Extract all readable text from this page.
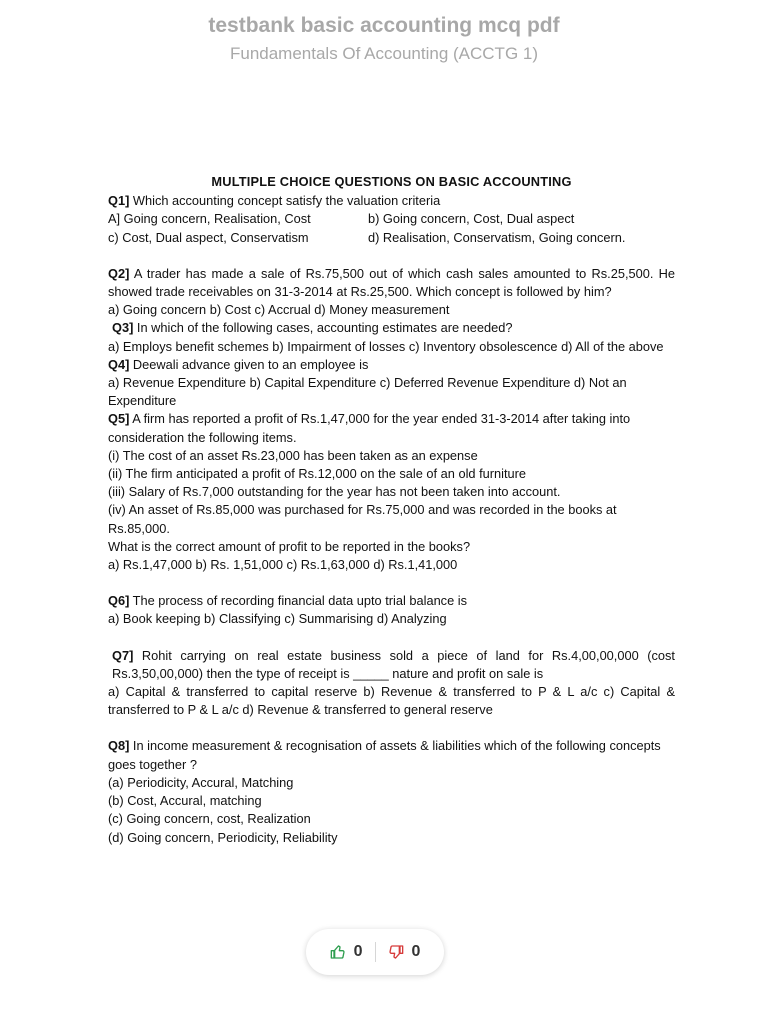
testbank basic accounting mcq pdf
Fundamentals Of Accounting (ACCTG 1)
MULTIPLE CHOICE QUESTIONS ON BASIC ACCOUNTING
Q1] Which accounting concept satisfy the valuation criteria
A] Going concern, Realisation, Cost	b) Going concern, Cost, Dual aspect
c) Cost, Dual aspect, Conservatism	d) Realisation, Conservatism, Going concern.
Q2] A trader has made a sale of Rs.75,500 out of which cash sales amounted to Rs.25,500. He showed trade receivables on 31-3-2014 at Rs.25,500. Which concept is followed by him?
a) Going concern b) Cost c) Accrual d) Money measurement
Q3] In which of the following cases, accounting estimates are needed?
a) Employs benefit schemes b) Impairment of losses c) Inventory obsolescence d) All of the above
Q4] Deewali advance given to an employee is
a) Revenue Expenditure b) Capital Expenditure c) Deferred Revenue Expenditure d) Not an Expenditure
Q5] A firm has reported a profit of Rs.1,47,000 for the year ended 31-3-2014 after taking into consideration the following items.
(i) The cost of an asset Rs.23,000 has been taken as an expense
(ii) The firm anticipated a profit of Rs.12,000 on the sale of an old furniture
(iii) Salary of Rs.7,000 outstanding for the year has not been taken into account.
(iv) An asset of Rs.85,000 was purchased for Rs.75,000 and was recorded in the books at Rs.85,000.
What is the correct amount of profit to be reported in the books?
a) Rs.1,47,000 b) Rs. 1,51,000 c) Rs.1,63,000 d) Rs.1,41,000
Q6] The process of recording financial data upto trial balance is
a) Book keeping b) Classifying c) Summarising d) Analyzing
Q7] Rohit carrying on real estate business sold a piece of land for Rs.4,00,00,000 (cost Rs.3,50,00,000) then the type of receipt is _____ nature and profit on sale is
a) Capital & transferred to capital reserve b) Revenue & transferred to P & L a/c c) Capital & transferred to P & L a/c d) Revenue & transferred to general reserve
Q8] In income measurement & recognisation of assets & liabilities which of the following concepts goes together ?
(a) Periodicity, Accural, Matching
(b) Cost, Accural, matching
(c) Going concern, cost, Realization
(d) Going concern, Periodicity, Reliability
0	0
